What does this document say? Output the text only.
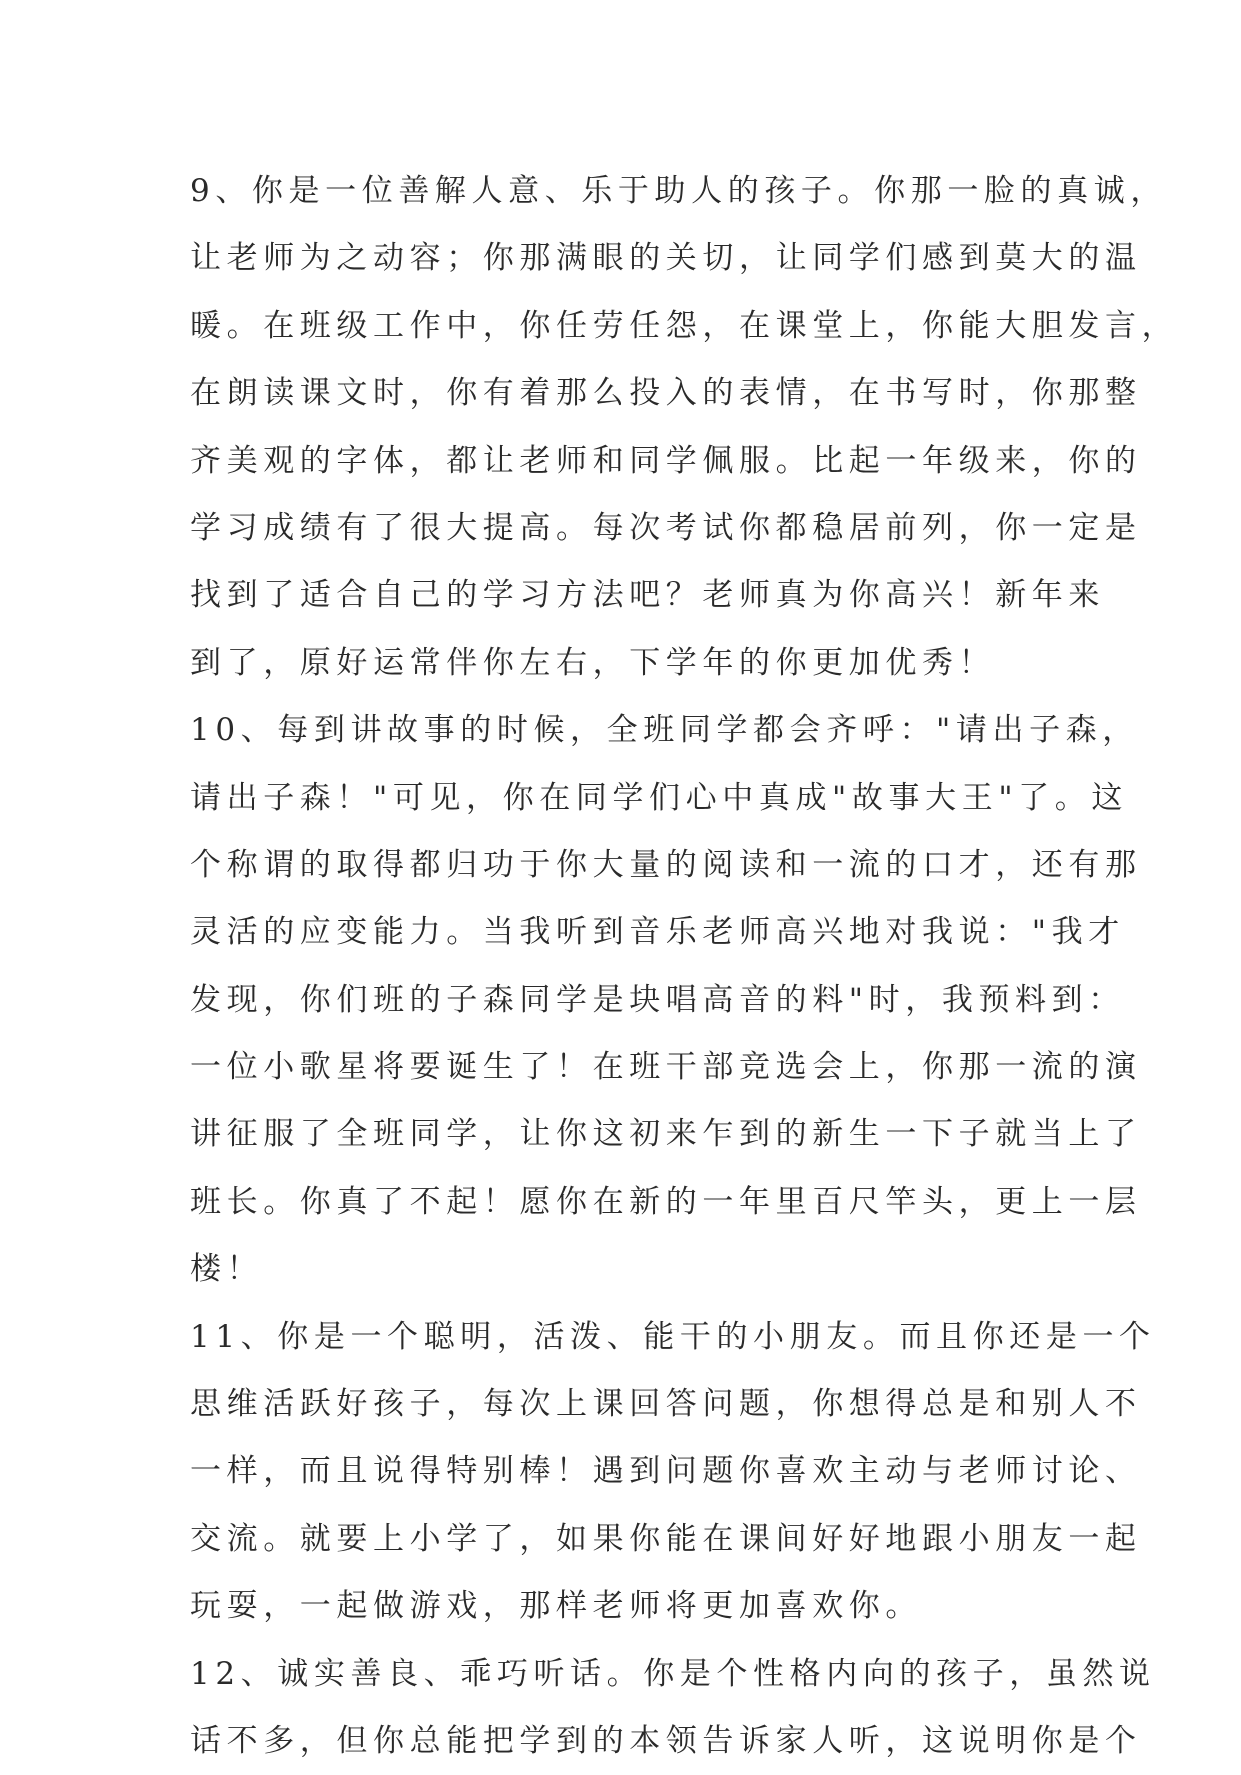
9、你是一位善解人意、乐于助人的孩子。你那一脸的真诚，
让老师为之动容；你那满眼的关切，让同学们感到莫大的温
暖。在班级工作中，你任劳任怨，在课堂上，你能大胆发言，
在朗读课文时，你有着那么投入的表情，在书写时，你那整
齐美观的字体，都让老师和同学佩服。比起一年级来，你的
学习成绩有了很大提高。每次考试你都稳居前列，你一定是
找到了适合自己的学习方法吧？老师真为你高兴！新年来
到了，原好运常伴你左右，下学年的你更加优秀！
10、每到讲故事的时候，全班同学都会齐呼："请出子森，
请出子森！"可见，你在同学们心中真成"故事大王"了。这
个称谓的取得都归功于你大量的阅读和一流的口才，还有那
灵活的应变能力。当我听到音乐老师高兴地对我说："我才
发现，你们班的子森同学是块唱高音的料"时，我预料到：
一位小歌星将要诞生了！在班干部竞选会上，你那一流的演
讲征服了全班同学，让你这初来乍到的新生一下子就当上了
班长。你真了不起！愿你在新的一年里百尺竿头，更上一层
楼！
11、你是一个聪明，活泼、能干的小朋友。而且你还是一个
思维活跃好孩子，每次上课回答问题，你想得总是和别人不
一样，而且说得特别棒！遇到问题你喜欢主动与老师讨论、
交流。就要上小学了，如果你能在课间好好地跟小朋友一起
玩耍，一起做游戏，那样老师将更加喜欢你。
12、诚实善良、乖巧听话。你是个性格内向的孩子，虽然说
话不多，但你总能把学到的本领告诉家人听，这说明你是个
